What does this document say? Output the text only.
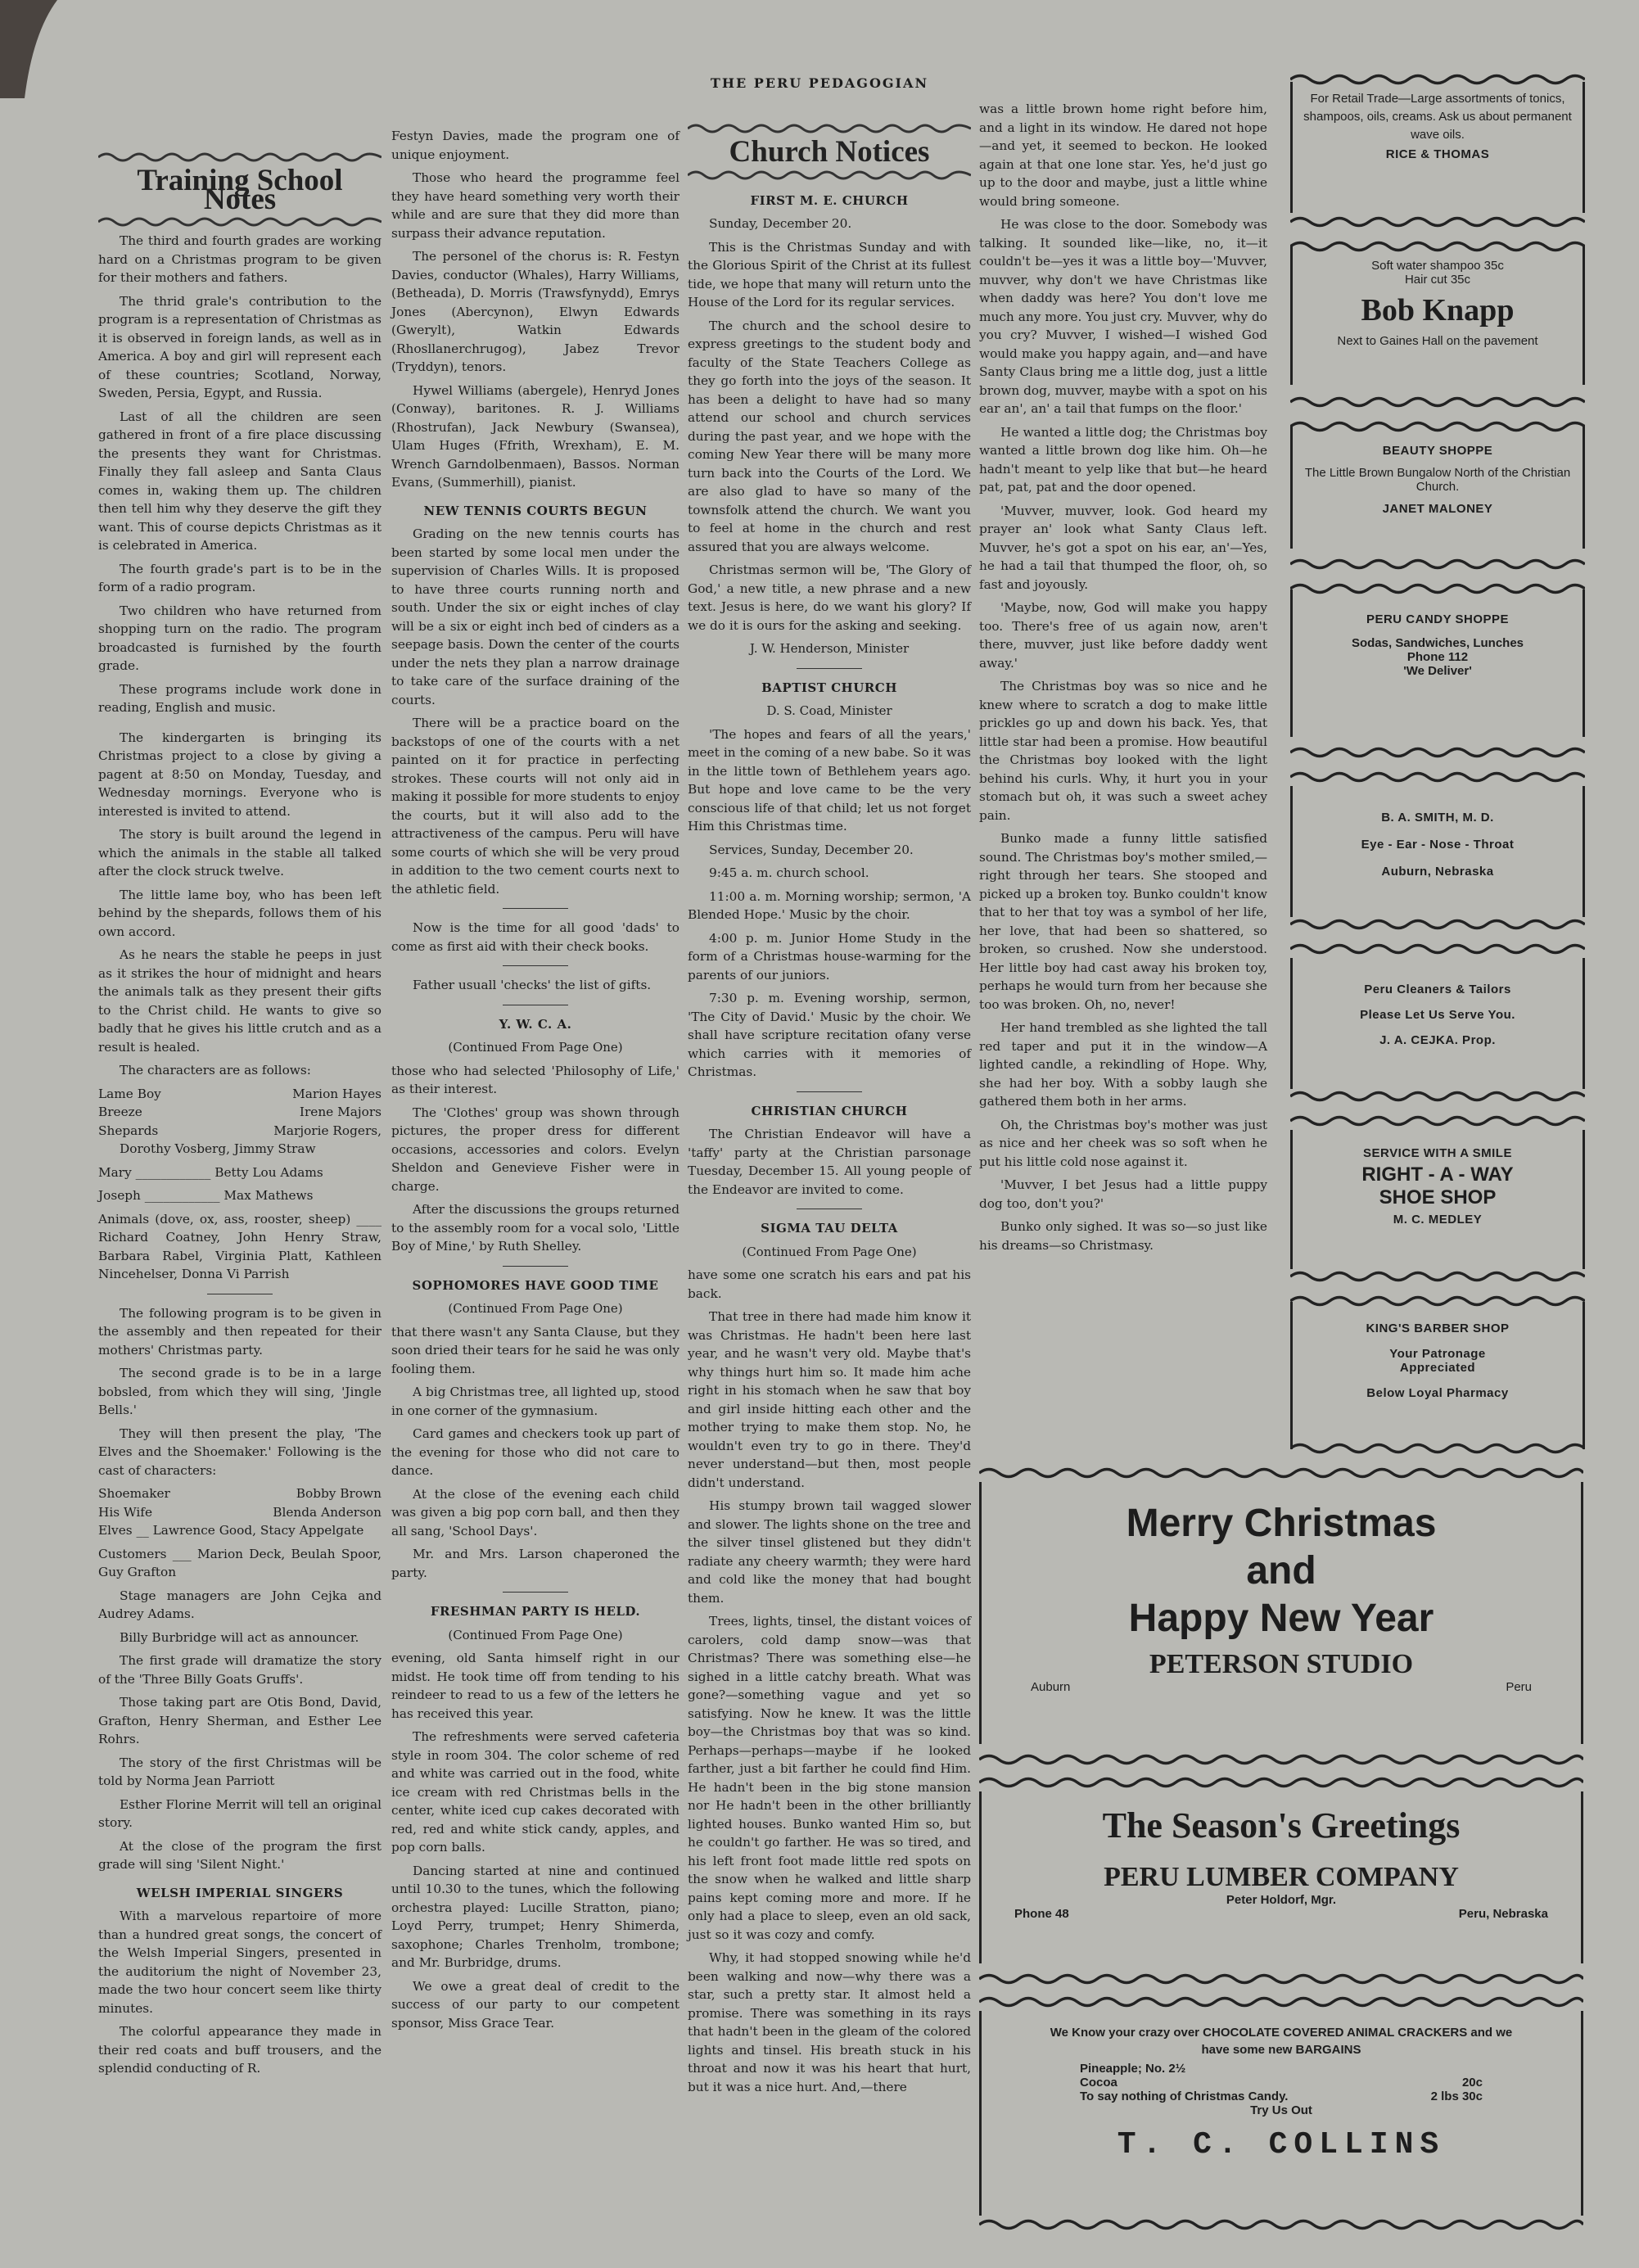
THE PERU PEDAGOGIAN
Training School Notes

The third and fourth grades are working hard on a Christmas program to be given for their mothers and fathers.

The thrid grale's contribution to the program is a representation of Christmas as it is observed in foreign lands, as well as in America. A boy and girl will represent each of these countries; Scotland, Norway, Sweden, Persia, Egypt, and Russia.

Last of all the children are seen gathered in front of a fire place discussing the presents they want for Christmas. Finally they fall asleep and Santa Claus comes in, waking them up. The children then tell him why they deserve the gift they want. This of course depicts Christmas as it is celebrated in America.

The fourth grade's part is to be in the form of a radio program.

Two children who have returned from shopping turn on the radio. The program broadcasted is furnished by the fourth grade.

These programs include work done in reading, English and music.

The kindergarten is bringing its Christmas project to a close by giving a pagent at 8:50 on Monday, Tuesday, and Wednesday mornings. Everyone who is interested is invited to attend.

The story is built around the legend in which the animals in the stable all talked after the clock struck twelve.

The little lame boy, who has been left behind by the shepards, follows them of his own accord.

As he nears the stable he peeps in just as it strikes the hour of midnight and hears the animals talk as they present their gifts to the Christ child. He wants to give so badly that he gives his little crutch and as a result is healed.

The characters are as follows:

Lame Boy	Marion Hayes
Breeze	Irene Majors
Shepards	Marjorie Rogers,

Dorothy Vosberg, Jimmy Straw

Mary ____________ Betty Lou Adams

Joseph ____________ Max Mathews

Animals (dove, ox, ass, rooster, sheep) ____ Richard Coatney, John Henry Straw, Barbara Rabel, Virginia Platt, Kathleen Nincehelser, Donna Vi Parrish

The following program is to be given in the assembly and then repeated for their mothers' Christmas party.

The second grade is to be in a large bobsled, from which they will sing, 'Jingle Bells.'

They will then present the play, 'The Elves and the Shoemaker.' Following is the cast of characters:

Shoemaker	Bobby Brown
His Wife	Blenda Anderson

Elves __ Lawrence Good, Stacy Appelgate

Customers ___ Marion Deck, Beulah Spoor, Guy Grafton

Stage managers are John Cejka and Audrey Adams.

Billy Burbridge will act as announcer.

The first grade will dramatize the story of the 'Three Billy Goats Gruffs'.

Those taking part are Otis Bond, David, Grafton, Henry Sherman, and Esther Lee Rohrs.

The story of the first Christmas will be told by Norma Jean Parriott

Esther Florine Merrit will tell an original story.

At the close of the program the first grade will sing 'Silent Night.'

WELSH IMPERIAL SINGERS

With a marvelous repartoire of more than a hundred great songs, the concert of the Welsh Imperial Singers, presented in the auditorium the night of November 23, made the two hour concert seem like thirty minutes.

The colorful appearance they made in their red coats and buff trousers, and the splendid conducting of R.

Festyn Davies, made the program one of unique enjoyment.

Those who heard the programme feel they have heard something very worth their while and are sure that they did more than surpass their advance reputation.

The personel of the chorus is: R. Festyn Davies, conductor (Whales), Harry Williams, (Betheada), D. Morris (Trawsfynydd), Emrys Jones (Abercynon), Elwyn Edwards (Gwerylt), Watkin Edwards (Rhosllanerchrugog), Jabez Trevor (Tryddyn), tenors.

Hywel Williams (abergele), Henryd Jones (Conway), baritones. R. J. Williams (Rhostrufan), Jack Newbury (Swansea), Ulam Huges (Ffrith, Wrexham), E. M. Wrench Garndolbenmaen), Bassos. Norman Evans, (Summerhill), pianist.

NEW TENNIS COURTS BEGUN

Grading on the new tennis courts has been started by some local men under the supervision of Charles Wills. It is proposed to have three courts running north and south. Under the six or eight inches of clay will be a six or eight inch bed of cinders as a seepage basis. Down the center of the courts under the nets they plan a narrow drainage to take care of the surface draining of the courts.

There will be a practice board on the backstops of one of the courts with a net painted on it for practice in perfecting strokes. These courts will not only aid in making it possible for more students to enjoy the courts, but it will also add to the attractiveness of the campus. Peru will have some courts of which she will be very proud in addition to the two cement courts next to the athletic field.

Now is the time for all good 'dads' to come as first aid with their check books.

Father usuall 'checks' the list of gifts.

Y. W. C. A.
(Continued From Page One)

those who had selected 'Philosophy of Life,' as their interest.

The 'Clothes' group was shown through pictures, the proper dress for different occasions, accessories and colors. Evelyn Sheldon and Genevieve Fisher were in charge.

After the discussions the groups returned to the assembly room for a vocal solo, 'Little Boy of Mine,' by Ruth Shelley.

SOPHOMORES HAVE GOOD TIME
(Continued From Page One)

that there wasn't any Santa Clause, but they soon dried their tears for he said he was only fooling them.

A big Christmas tree, all lighted up, stood in one corner of the gymnasium.

Card games and checkers took up part of the evening for those who did not care to dance.

At the close of the evening each child was given a big pop corn ball, and then they all sang, 'School Days'.

Mr. and Mrs. Larson chaperoned the party.

FRESHMAN PARTY IS HELD.
(Continued From Page One)

evening, old Santa himself right in our midst. He took time off from tending to his reindeer to read to us a few of the letters he has received this year.

The refreshments were served cafeteria style in room 304. The color scheme of red and white was carried out in the food, white ice cream with red Christmas bells in the center, white iced cup cakes decorated with red, red and white stick candy, apples, and pop corn balls.

Dancing started at nine and continued until 10.30 to the tunes, which the following orchestra played: Lucille Stratton, piano; Loyd Perry, trumpet; Henry Shimerda, saxophone; Charles Trenholm, trombone; and Mr. Burbridge, drums.

We owe a great deal of credit to the success of our party to our competent sponsor, Miss Grace Tear.

Church Notices
FIRST M. E. CHURCH

Sunday, December 20.

This is the Christmas Sunday and with the Glorious Spirit of the Christ at its fullest tide, we hope that many will return unto the House of the Lord for its regular services.

The church and the school desire to express greetings to the student body and faculty of the State Teachers College as they go forth into the joys of the season. It has been a delight to have had so many attend our school and church services during the past year, and we hope with the coming New Year there will be many more turn back into the Courts of the Lord. We are also glad to have so many of the townsfolk attend the church. We want you to feel at home in the church and rest assured that you are always welcome.

Christmas sermon will be, 'The Glory of God,' a new title, a new phrase and a new text. Jesus is here, do we want his glory? If we do it is ours for the asking and seeking.

J. W. Henderson, Minister
BAPTIST CHURCH
D. S. Coad, Minister

'The hopes and fears of all the years,' meet in the coming of a new babe. So it was in the little town of Bethlehem years ago. But hope and love came to be the very conscious life of that child; let us not forget Him this Christmas time.

Services, Sunday, December 20.

9:45 a. m. church school.

11:00 a. m. Morning worship; sermon, 'A Blended Hope.' Music by the choir.

4:00 p. m. Junior Home Study in the form of a Christmas house-warming for the parents of our juniors.

7:30 p. m. Evening worship, sermon, 'The City of David.' Music by the choir. We shall have scripture recitation ofany verse which carries with it memories of Christmas.

CHRISTIAN CHURCH

The Christian Endeavor will have a 'taffy' party at the Christian parsonage Tuesday, December 15. All young people of the Endeavor are invited to come.

SIGMA TAU DELTA
(Continued From Page One)

have some one scratch his ears and pat his back.

That tree in there had made him know it was Christmas. He hadn't been here last year, and he wasn't very old. Maybe that's why things hurt him so. It made him ache right in his stomach when he saw that boy and girl inside hitting each other and the mother trying to make them stop. No, he wouldn't even try to go in there. They'd never understand—but then, most people didn't understand.

His stumpy brown tail wagged slower and slower. The lights shone on the tree and the silver tinsel glistened but they didn't radiate any cheery warmth; they were hard and cold like the money that had bought them.

Trees, lights, tinsel, the distant voices of carolers, cold damp snow—was that Christmas? There was something else—he sighed in a little catchy breath. What was gone?—something vague and yet so satisfying. Now he knew. It was the little boy—the Christmas boy that was so kind. Perhaps—perhaps—maybe if he looked farther, just a bit farther he could find Him. He hadn't been in the big stone mansion nor He hadn't been in the other brilliantly lighted houses. Bunko wanted Him so, but he couldn't go farther. He was so tired, and his left front foot made little red spots on the snow when he walked and little sharp pains kept coming more and more. If he only had a place to sleep, even an old sack, just so it was cozy and comfy.

Why, it had stopped snowing while he'd been walking and now—why there was a star, such a pretty star. It almost held a promise. There was something in its rays that hadn't been in the gleam of the colored lights and tinsel. His breath stuck in his throat and now it was his heart that hurt, but it was a nice hurt. And,—there

was a little brown home right before him, and a light in its window. He dared not hope—and yet, it seemed to beckon. He looked again at that one lone star. Yes, he'd just go up to the door and maybe, just a little whine would bring someone.

He was close to the door. Somebody was talking. It sounded like—like, no, it—it couldn't be—yes it was a little boy—'Muvver, muvver, why don't we have Christmas like when daddy was here? You don't love me much any more. You just cry. Muvver, why do you cry? Muvver, I wished—I wished God would make you happy again, and—and have Santy Claus bring me a little dog, just a little brown dog, muvver, maybe with a spot on his ear an', an' a tail that fumps on the floor.'

He wanted a little dog; the Christmas boy wanted a little brown dog like him. Oh—he hadn't meant to yelp like that but—he heard pat, pat, pat and the door opened.

'Muvver, muvver, look. God heard my prayer an' look what Santy Claus left. Muvver, he's got a spot on his ear, an'—Yes, he had a tail that thumped the floor, oh, so fast and joyously.

'Maybe, now, God will make you happy too. There's free of us again now, aren't there, muvver, just like before daddy went away.'

The Christmas boy was so nice and he knew where to scratch a dog to make little prickles go up and down his back. Yes, that little star had been a promise. How beautiful the Christmas boy looked with the light behind his curls. Why, it hurt you in your stomach but oh, it was such a sweet achey pain.

Bunko made a funny little satisfied sound. The Christmas boy's mother smiled,—right through her tears. She stooped and picked up a broken toy. Bunko couldn't know that to her that toy was a symbol of her life, her love, that had been so shattered, so broken, so crushed. Now she understood. Her little boy had cast away his broken toy, perhaps he would turn from her because she too was broken. Oh, no, never!

Her hand trembled as she lighted the tall red taper and put it in the window—A lighted candle, a rekindling of Hope. Why, she had her boy. With a sobby laugh she gathered them both in her arms.

Oh, the Christmas boy's mother was just as nice and her cheek was so soft when he put his little cold nose against it.

'Muvver, I bet Jesus had a little puppy dog too, don't you?'

Bunko only sighed. It was so—so just like his dreams—so Christmasy.

For Retail Trade—Large assortments of tonics, shampoos, oils, creams. Ask us about permanent wave oils.
RICE & THOMAS
Soft water shampoo 35c
Hair cut 35c
Bob Knapp
Next to Gaines Hall on the pavement
BEAUTY SHOPPE
The Little Brown Bungalow North of the Christian Church.
JANET MALONEY
PERU CANDY SHOPPE
Sodas, Sandwiches, Lunches
Phone 112
'We Deliver'
B. A. SMITH, M. D.
Eye - Ear - Nose - Throat
Auburn, Nebraska
Peru Cleaners & Tailors
Please Let Us Serve You.
J. A. CEJKA. Prop.
SERVICE WITH A SMILE
RIGHT - A - WAY
SHOE SHOP
M. C. MEDLEY
KING'S BARBER SHOP
Your Patronage
Appreciated
Below Loyal Pharmacy
Merry Christmas
and
Happy New Year
PETERSON STUDIO
Auburn	Peru
The Season's Greetings
PERU LUMBER COMPANY
Peter Holdorf, Mgr.
Phone 48	Peru, Nebraska
We Know your crazy over CHOCOLATE COVERED ANIMAL CRACKERS and we have some new BARGAINS
Pineapple; No. 2½
Cocoa	20c
To say nothing of Christmas Candy.	2 lbs 30c
Try Us Out
T. C. COLLINS
